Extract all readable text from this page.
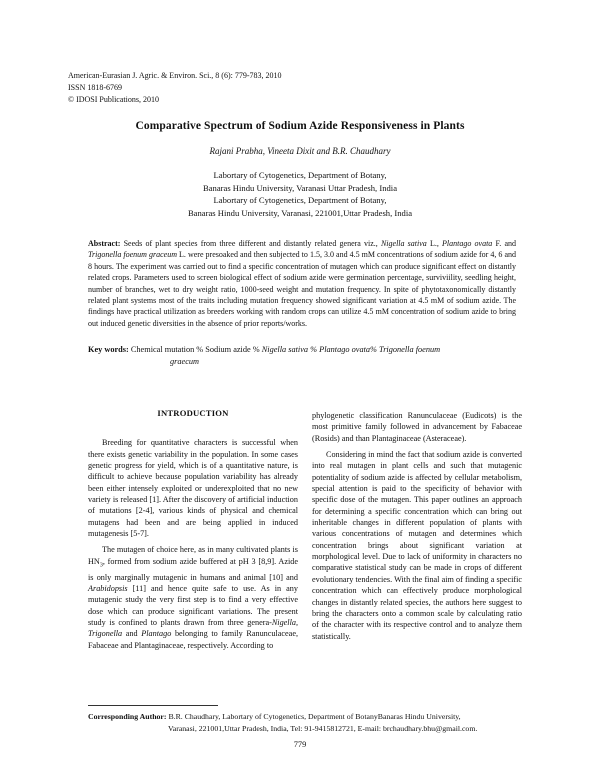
American-Eurasian J. Agric. & Environ. Sci., 8 (6): 779-783, 2010
ISSN 1818-6769
© IDOSI Publications, 2010
Comparative Spectrum of Sodium Azide Responsiveness in Plants
Rajani Prabha, Vineeta Dixit and B.R. Chaudhary
Labortary of Cytogenetics, Department of Botany,
Banaras Hindu University, Varanasi Uttar Pradesh, India
Labortary of Cytogenetics, Department of Botany,
Banaras Hindu University, Varanasi, 221001,Uttar Pradesh, India
Abstract: Seeds of plant species from three different and distantly related genera viz., Nigella sativa L., Plantago ovata F. and Trigonella foenum graceum L. were presoaked and then subjected to 1.5, 3.0 and 4.5 mM concentrations of sodium azide for 4, 6 and 8 hours. The experiment was carried out to find a specific concentration of mutagen which can produce significant effect on distantly related crops. Parameters used to screen biological effect of sodium azide were germination percentage, surviviility, seedling height, number of branches, wet to dry weight ratio, 1000-seed weight and mutation frequency. In spite of phytotaxonomically distantly related plant systems most of the traits including mutation frequency showed significant variation at 4.5 mM of sodium azide. The findings have practical utilization as breeders working with random crops can utilize 4.5 mM concentration of sodium azide to bring out induced genetic diversities in the absence of prior reports/works.
Key words: Chemical mutation % Sodium azide % Nigella sativa % Plantago ovata% Trigonella foenum
graecum
INTRODUCTION

Breeding for quantitative characters is successful when there exists genetic variability in the population. In some cases genetic progress for yield, which is of a quantitative nature, is difficult to achieve because population variability has already been either intensely exploited or underexploited that no new variety is released [1]. After the discovery of artificial induction of mutations [2-4], various kinds of physical and chemical mutagens had been and are being applied in induced mutagenesis [5-7].

The mutagen of choice here, as in many cultivated plants is $HN_3$, formed from sodium azide buffered at pH 3 [8,9]. Azide is only marginally mutagenic in humans and animal [10] and Arabidopsis [11] and hence quite safe to use. As in any mutagenic study the very first step is to find a very effective dose which can produce significant variations. The present study is confined to plants drawn from three genera-Nigella, Trigonella and Plantago belonging to family Ranunculaceae, Fabaceae and Plantaginaceae, respectively. According to

phylogenetic classification Ranunculaceae (Eudicots) is the most primitive family followed in advancement by Fabaceae (Rosids) and than Plantaginaceae (Asteraceae).

Considering in mind the fact that sodium azide is converted into real mutagen in plant cells and such that mutagenic potentiality of sodium azide is affected by cellular metabolism, special attention is paid to the specificity of behavior with specific dose of the mutagen. This paper outlines an approach for determining a specific concentration which can bring out inheritable changes in different population of plants with various concentrations of mutagen and determines which concentration brings about significant variation at morphological level. Due to lack of uniformity in characters no comparative statistical study can be made in crops of different evolutionary tendencies. With the final aim of finding a specific concentration which can effectively produce morphological changes in distantly related species, the authors here suggest to bring the characters onto a common scale by calculating ratio of the character with its respective control and to analyze them statistically.

Corresponding Author: B.R. Chaudhary, Labortary of Cytogenetics, Department of BotanyBanaras Hindu University,
Varanasi, 221001,Uttar Pradesh, India, Tel: 91-9415812721, E-mail: brchaudhary.bhu@gmail.com.
779
